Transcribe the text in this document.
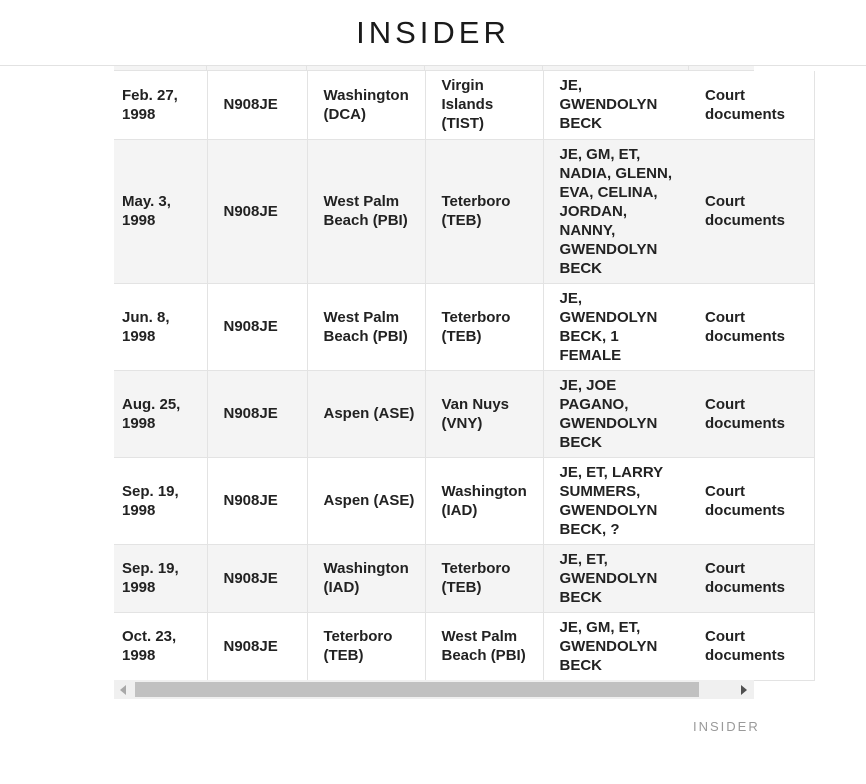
INSIDER
Feb. 27, 1998	N908JE	Washington (DCA)	Virgin Islands (TIST)	JE, GWENDOLYN BECK	Court documents
May. 3, 1998	N908JE	West Palm Beach (PBI)	Teterboro (TEB)	JE, GM, ET, NADIA, GLENN, EVA, CELINA, JORDAN, NANNY, GWENDOLYN BECK	Court documents
Jun. 8, 1998	N908JE	West Palm Beach (PBI)	Teterboro (TEB)	JE, GWENDOLYN BECK, 1 FEMALE	Court documents
Aug. 25, 1998	N908JE	Aspen (ASE)	Van Nuys (VNY)	JE, JOE PAGANO, GWENDOLYN BECK	Court documents
Sep. 19, 1998	N908JE	Aspen (ASE)	Washington (IAD)	JE, ET, LARRY SUMMERS, GWENDOLYN BECK, ?	Court documents
Sep. 19, 1998	N908JE	Washington (IAD)	Teterboro (TEB)	JE, ET, GWENDOLYN BECK	Court documents
Oct. 23, 1998	N908JE	Teterboro (TEB)	West Palm Beach (PBI)	JE, GM, ET, GWENDOLYN BECK	Court documents
INSIDER
